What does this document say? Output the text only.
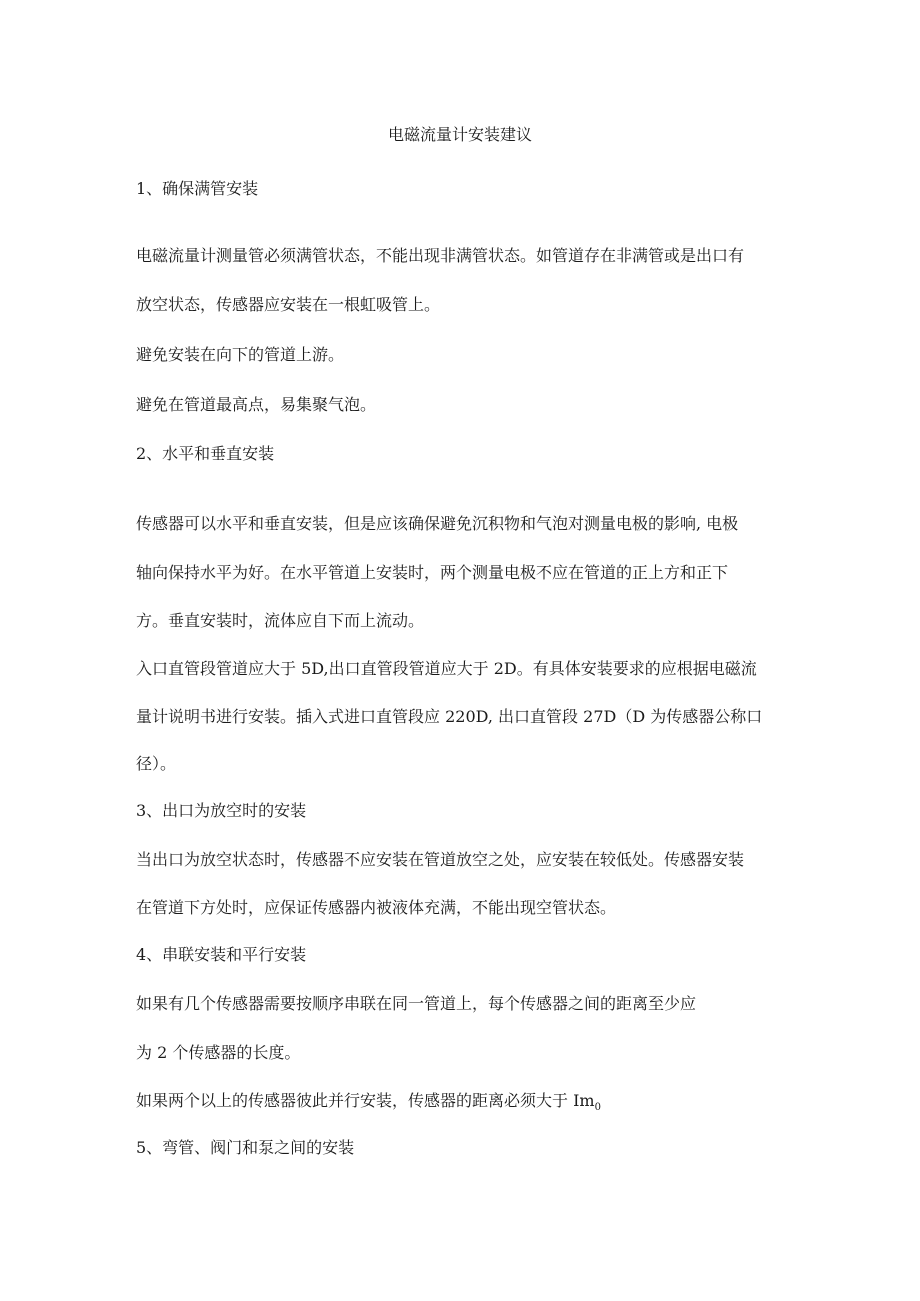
电磁流量计安装建议
1、确保满管安装
电磁流量计测量管必须满管状态，不能出现非满管状态。如管道存在非满管或是出口有
放空状态，传感器应安装在一根虹吸管上。
避免安装在向下的管道上游。
避免在管道最高点，易集聚气泡。
2、水平和垂直安装
传感器可以水平和垂直安装，但是应该确保避免沉积物和气泡对测量电极的影响, 电极
轴向保持水平为好。在水平管道上安装时，两个测量电极不应在管道的正上方和正下
方。垂直安装时，流体应自下而上流动。
入口直管段管道应大于 5D,出口直管段管道应大于 2D。有具体安装要求的应根据电磁流
量计说明书进行安装。插入式进口直管段应 220D, 出口直管段 27D（D 为传感器公称口
径）。
3、出口为放空时的安装
当出口为放空状态时，传感器不应安装在管道放空之处，应安装在较低处。传感器安装
在管道下方处时，应保证传感器内被液体充满，不能出现空管状态。
4、串联安装和平行安装
如果有几个传感器需要按顺序串联在同一管道上，每个传感器之间的距离至少应
为 2 个传感器的长度。
如果两个以上的传感器彼此并行安装，传感器的距离必须大于 $Im_0$
5、弯管、阀门和泵之间的安装
